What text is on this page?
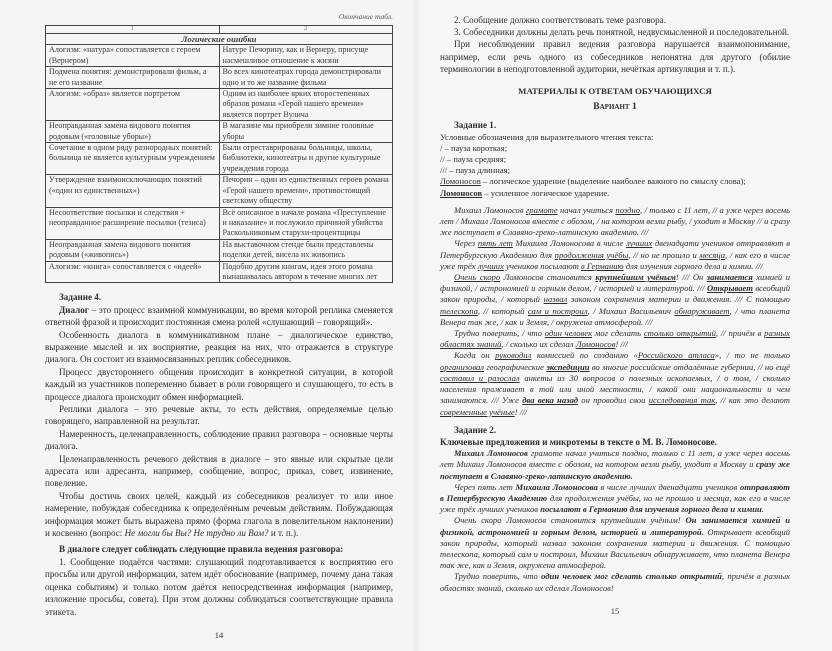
Окончание табл.
1	2
Логические ошибки	
Алогизм: «натура» сопоставляется с героем (Вернером)	Натуре Печорину, как и Вернеру, присуще насмешливое отношение к жизни
Подмена понятия: демонстрировали фильм, а не его название	Во всех кинотеатрах города демонстрировали одно и то же название фильма
Алогизм: «образ» является портретом	Одним из наиболее ярких второстепенных образов романа «Герой нашего времени» является портрет Вулича
Неоправданная замена видового понятия родовым («головные уборы»)	В магазине мы приобрели зимние головные уборы
Сочетание в одном ряду разнородных понятий: больница не является культурным учреждением	Были отреставрированы больницы, школы, библиотеки, кинотеатры и другие культурные учреждения города
Утверждение взаимоисключающих понятий («один из единственных»)	Печорин – один из единственных героев романа «Герой нашего времени», противостоящий светскому обществу
Несоответствие посылки и следствия + неоправданное расширение посылки (тезиса)	Всё описанное в начале романа «Преступление и наказание» и послужило причиной убийства Раскольниковым старухи-процентщицы
Неоправданная замена видового понятия родовым («живопись»)	На выставочном стенде были представлены поделки детей, висела их живопись
Алогизм: «книга» сопоставляется с «идеей»	Подобно другим книгам, идея этого романа вынашивалась автором в течение многих лет

Задание 4.

Диалог – это процесс взаимной коммуникации, во время которой реплика сменяется ответной фразой и происходит постоянная смена ролей «слушающий – говорящий».

Особенность диалога в коммуникативном плане – диалогическое единство, выражение мыслей и их восприятие, реакция на них, что отражается в структуре диалога. Он состоит из взаимосвязанных реплик собеседников.

Процесс двустороннего общения происходит в конкретной ситуации, в которой каждый из участников попеременно бывает в роли говорящего и слушающего, то есть в процессе диалога происходит обмен информацией.

Реплики диалога – это речевые акты, то есть действия, определяемые целью говорящего, направленной на результат.

Намеренность, целенаправленность, соблюдение правил разговора – основные черты диалога.

Целенаправленность речевого действия в диалоге – это явные или скрытые цели адресата или адресанта, например, сообщение, вопрос, приказ, совет, извинение, повеление.

Чтобы достичь своих целей, каждый из собеседников реализует то или иное намерение, побуждая собеседника к определённым речевым действиям. Побуждающая информация может быть выражена прямо (форма глагола в повелительном наклонении) и косвенно (вопрос: Не могли бы Вы? Не трудно ли Вам? и т. п.).

В диалоге следует соблюдать следующие правила ведения разговора:

1. Сообщение подаётся частями: слушающий подготавливается к восприятию его просьбы или другой информации, затем идёт обоснование (например, почему дана такая оценка событиям) и только потом даётся непосредственная информация (например, изложение просьбы, совета). При этом должны соблюдаться соответствующие правила этикета.

14

2. Сообщение должно соответствовать теме разговора.

3. Собеседники должны делать речь понятной, недвусмысленной и последовательной.

При несоблюдении правил ведения разговора нарушается взаимопонимание, например, если речь одного из собеседников непонятна для другого (обилие терминологии в неподготовленной аудитории, нечёткая артикуляция и т. п.).

МАТЕРИАЛЫ К ОТВЕТАМ ОБУЧАЮЩИХСЯ

Вариант 1

Задание 1.

Условные обозначения для выразительного чтения текста:

/ – пауза короткая;

// – пауза средняя;

/// – пауза длинная;

Ломоносов – логическое ударение (выделение наиболее важного по смыслу слова);

Ломоносов – усиленное логическое ударение.

Михаил Ломоносов грамоте начал учиться поздно, / только с 11 лет, // а уже через восемь лет / Михаил Ломоносов вместе с обозом, / на котором везли рыбу, / уходит в Москву // и сразу же поступает в Славяно-греко-латинскую академию. ///

Через пять лет Михаила Ломоносова в числе лучших двенадцати учеников отправляют в Петербургскую Академию для продолжения учёбы, // но не прошло и месяца, / как его в числе уже трёх лучших учеников посылают в Германию для изучения горного дела и химии. ///

Очень скоро Ломоносов становится крупнейшим учёным! /// Он занимается химией и физикой, / астрономией и горным делом, / историей и литературой. /// Открывает всеобщий закон природы, / который назвал законом сохранения материи и движения. /// С помощью телескопа, // который сам и построил, / Михаил Васильевич обнаруживает, / что планета Венера так же, / как и Земля, / окружена атмосферой. ///

Трудно поверить, / что один человек мог сделать столько открытий, // причём в разных областях знаний, / сколько их сделал Ломоносов! ///

Когда он руководил комиссией по созданию «Российского атласа», / то не только организовал географические экспедиции во многие российские отдалённые губернии, // но ещё составил и разослал анкеты из 30 вопросов о полезных ископаемых, / о том, / сколько населения проживает в той или иной местности, / какой они национальности и чем занимаются. /// Уже два века назад он проводил свои исследования так, // как это делают современные учёные! ///

Задание 2.

Ключевые предложения и микротемы в тексте о М. В. Ломоносове.

Михаил Ломоносов грамоте начал учиться поздно, только с 11 лет, а уже через восемь лет Михаил Ломоносов вместе с обозом, на котором везли рыбу, уходит в Москву и сразу же поступает в Славяно-греко-латинскую академию.

Через пять лет Михаила Ломоносова в числе лучших двенадцати учеников отправляют в Петербургскую Академию для продолжения учёбы, но не прошло и месяца, как его в числе уже трёх лучших учеников посылают в Германию для изучения горного дела и химии.

Очень скоро Ломоносов становится крупнейшим учёным! Он занимается химией и физикой, астрономией и горным делом, историей и литературой. Открывает всеобщий закон природы, который назвал законом сохранения материи и движения. С помощью телескопа, который сам и построил, Михаил Васильевич обнаруживает, что планета Венера так же, как и Земля, окружена атмосферой.

Трудно поверить, что один человек мог сделать столько открытий, причём в разных областях знаний, сколько их сделал Ломоносов!

15
